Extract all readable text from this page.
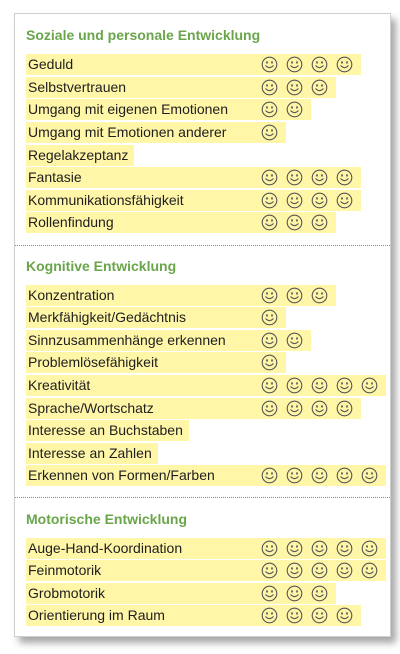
Soziale und personale Entwicklung
Geduld
Selbstvertrauen
Umgang mit eigenen Emotionen
Umgang mit Emotionen anderer
Regelakzeptanz
Fantasie
Kommunikationsfähigkeit
Rollenfindung
Kognitive Entwicklung
Konzentration
Merkfähigkeit/Gedächtnis
Sinnzusammenhänge erkennen
Problemlösefähigkeit
Kreativität
Sprache/Wortschatz
Interesse an Buchstaben
Interesse an Zahlen
Erkennen von Formen/Farben
Motorische Entwicklung
Auge-Hand-Koordination
Feinmotorik
Grobmotorik
Orientierung im Raum
